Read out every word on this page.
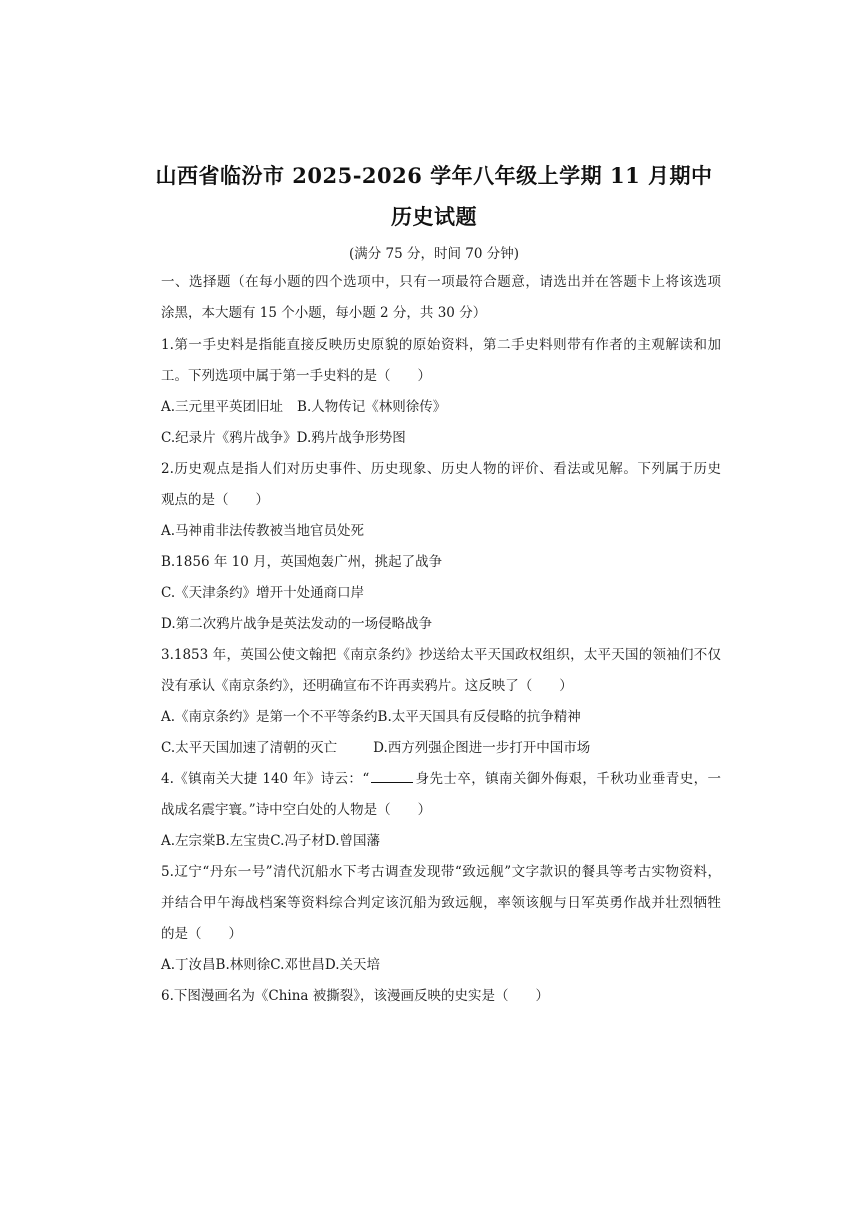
山西省临汾市 2025-2026 学年八年级上学期 11 月期中
历史试题
(满分 75 分，时间 70 分钟)
一、选择题（在每小题的四个选项中，只有一项最符合题意，请选出并在答题卡上将该选项
涂黑，本大题有 15 个小题，每小题 2 分，共 30 分）
1.第一手史料是指能直接反映历史原貌的原始资料，第二手史料则带有作者的主观解读和加
工。下列选项中属于第一手史料的是（　　）
A.三元里平英团旧址 B.人物传记《林则徐传》
C.纪录片《鸦片战争》D.鸦片战争形势图
2.历史观点是指人们对历史事件、历史现象、历史人物的评价、看法或见解。下列属于历史
观点的是（　　）
A.马神甫非法传教被当地官员处死
B.1856 年 10 月，英国炮轰广州，挑起了战争
C.《天津条约》增开十处通商口岸
D.第二次鸦片战争是英法发动的一场侵略战争
3.1853 年，英国公使文翰把《南京条约》抄送给太平天国政权组织，太平天国的领袖们不仅
没有承认《南京条约》，还明确宣布不许再卖鸦片。这反映了（　　）
A.《南京条约》是第一个不平等条约B.太平天国具有反侵略的抗争精神
C.太平天国加速了清朝的灭亡	D.西方列强企图进一步打开中国市场
4.《镇南关大捷 140 年》诗云：“	身先士卒，镇南关御外侮艰，千秋功业垂青史，一
战成名震宇寰。”诗中空白处的人物是（　　）
A.左宗棠B.左宝贵C.冯子材D.曾国藩
5.辽宁“丹东一号”清代沉船水下考古调查发现带“致远舰”文字款识的餐具等考古实物资料，
并结合甲午海战档案等资料综合判定该沉船为致远舰，率领该舰与日军英勇作战并壮烈牺牲
的是（　　）
A.丁汝昌B.林则徐C.邓世昌D.关天培
6.下图漫画名为《China 被撕裂》，该漫画反映的史实是（　　）
